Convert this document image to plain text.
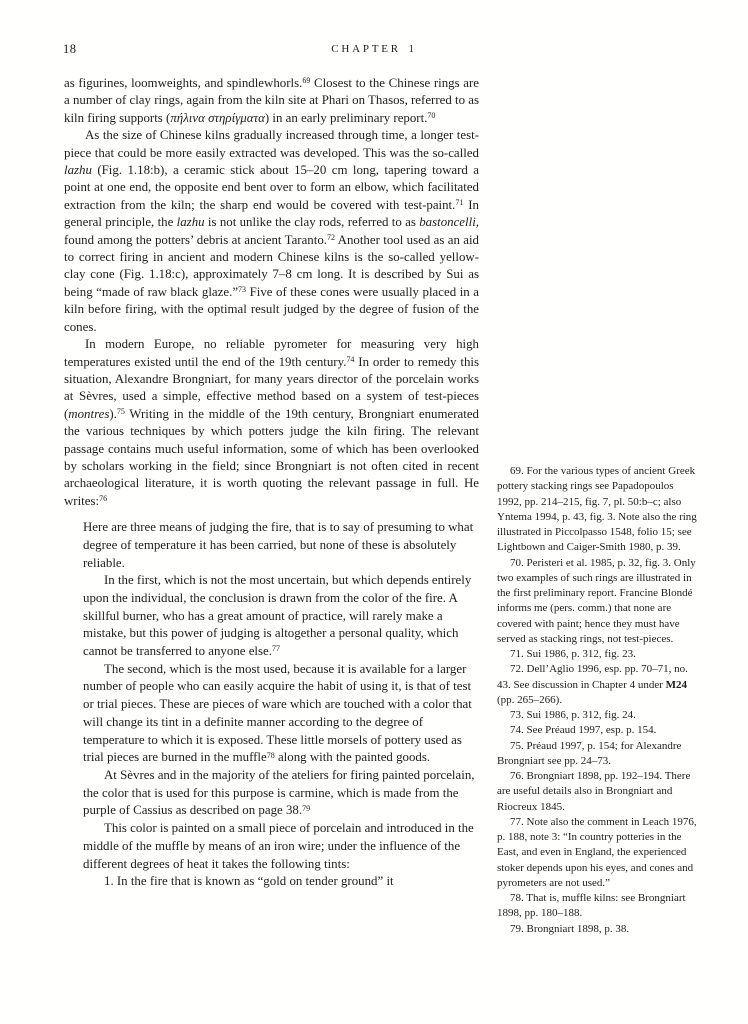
18	CHAPTER 1

as figurines, loomweights, and spindlewhorls.$^{69}$ Closest to the Chinese rings are a number of clay rings, again from the kiln site at Phari on Thasos, referred to as kiln firing supports (πήλινα στηρίγματα) in an early preliminary report.$^{70}$

As the size of Chinese kilns gradually increased through time, a longer test-piece that could be more easily extracted was developed. This was the so-called lazhu (Fig. 1.18:b), a ceramic stick about 15–20 cm long, tapering toward a point at one end, the opposite end bent over to form an elbow, which facilitated extraction from the kiln; the sharp end would be covered with test-paint.$^{71}$ In general principle, the lazhu is not unlike the clay rods, referred to as bastoncelli, found among the potters’ debris at ancient Taranto.$^{72}$ Another tool used as an aid to correct firing in ancient and modern Chinese kilns is the so-called yellow-clay cone (Fig. 1.18:c), approximately 7–8 cm long. It is described by Sui as being “made of raw black glaze.”$^{73}$ Five of these cones were usually placed in a kiln before firing, with the optimal result judged by the degree of fusion of the cones.

In modern Europe, no reliable pyrometer for measuring very high temperatures existed until the end of the 19th century.$^{74}$ In order to remedy this situation, Alexandre Brongniart, for many years director of the porcelain works at Sèvres, used a simple, effective method based on a system of test-pieces (montres).$^{75}$ Writing in the middle of the 19th century, Brongniart enumerated the various techniques by which potters judge the kiln firing. The relevant passage contains much useful information, some of which has been overlooked by scholars working in the field; since Brongniart is not often cited in recent archaeological literature, it is worth quoting the relevant passage in full. He writes:$^{76}$

Here are three means of judging the fire, that is to say of presuming to what degree of temperature it has been carried, but none of these is absolutely reliable.

In the first, which is not the most uncertain, but which depends entirely upon the individual, the conclusion is drawn from the color of the fire. A skillful burner, who has a great amount of practice, will rarely make a mistake, but this power of judging is altogether a personal quality, which cannot be transferred to anyone else.$^{77}$

The second, which is the most used, because it is available for a larger number of people who can easily acquire the habit of using it, is that of test or trial pieces. These are pieces of ware which are touched with a color that will change its tint in a definite manner according to the degree of temperature to which it is exposed. These little morsels of pottery used as trial pieces are burned in the muffle$^{78}$ along with the painted goods.

At Sèvres and in the majority of the ateliers for firing painted porcelain, the color that is used for this purpose is carmine, which is made from the purple of Cassius as described on page 38.79

This color is painted on a small piece of porcelain and introduced in the middle of the muffle by means of an iron wire; under the influence of the different degrees of heat it takes the following tints:

1. In the fire that is known as “gold on tender ground” it

69. For the various types of ancient Greek pottery stacking rings see Papadopoulos 1992, pp. 214–215, fig. 7, pl. 50:b–c; also Yntema 1994, p. 43, fig. 3. Note also the ring illustrated in Piccolpasso 1548, folio 15; see Lightbown and Caiger-Smith 1980, p. 39.

70. Peristeri et al. 1985, p. 32, fig. 3. Only two examples of such rings are illustrated in the first preliminary report. Francine Blondé informs me (pers. comm.) that none are covered with paint; hence they must have served as stacking rings, not test-pieces.

71. Sui 1986, p. 312, fig. 23.

72. Dell’Aglio 1996, esp. pp. 70–71, no. 43. See discussion in Chapter 4 under M24 (pp. 265–266).

73. Sui 1986, p. 312, fig. 24.

74. See Préaud 1997, esp. p. 154.

75. Préaud 1997, p. 154; for Alexandre Brongniart see pp. 24–73.

76. Brongniart 1898, pp. 192–194. There are useful details also in Brongniart and Riocreux 1845.

77. Note also the comment in Leach 1976, p. 188, note 3: “In country potteries in the East, and even in England, the experienced stoker depends upon his eyes, and cones and pyrometers are not used.”

78. That is, muffle kilns: see Brongniart 1898, pp. 180–188.

79. Brongniart 1898, p. 38.
